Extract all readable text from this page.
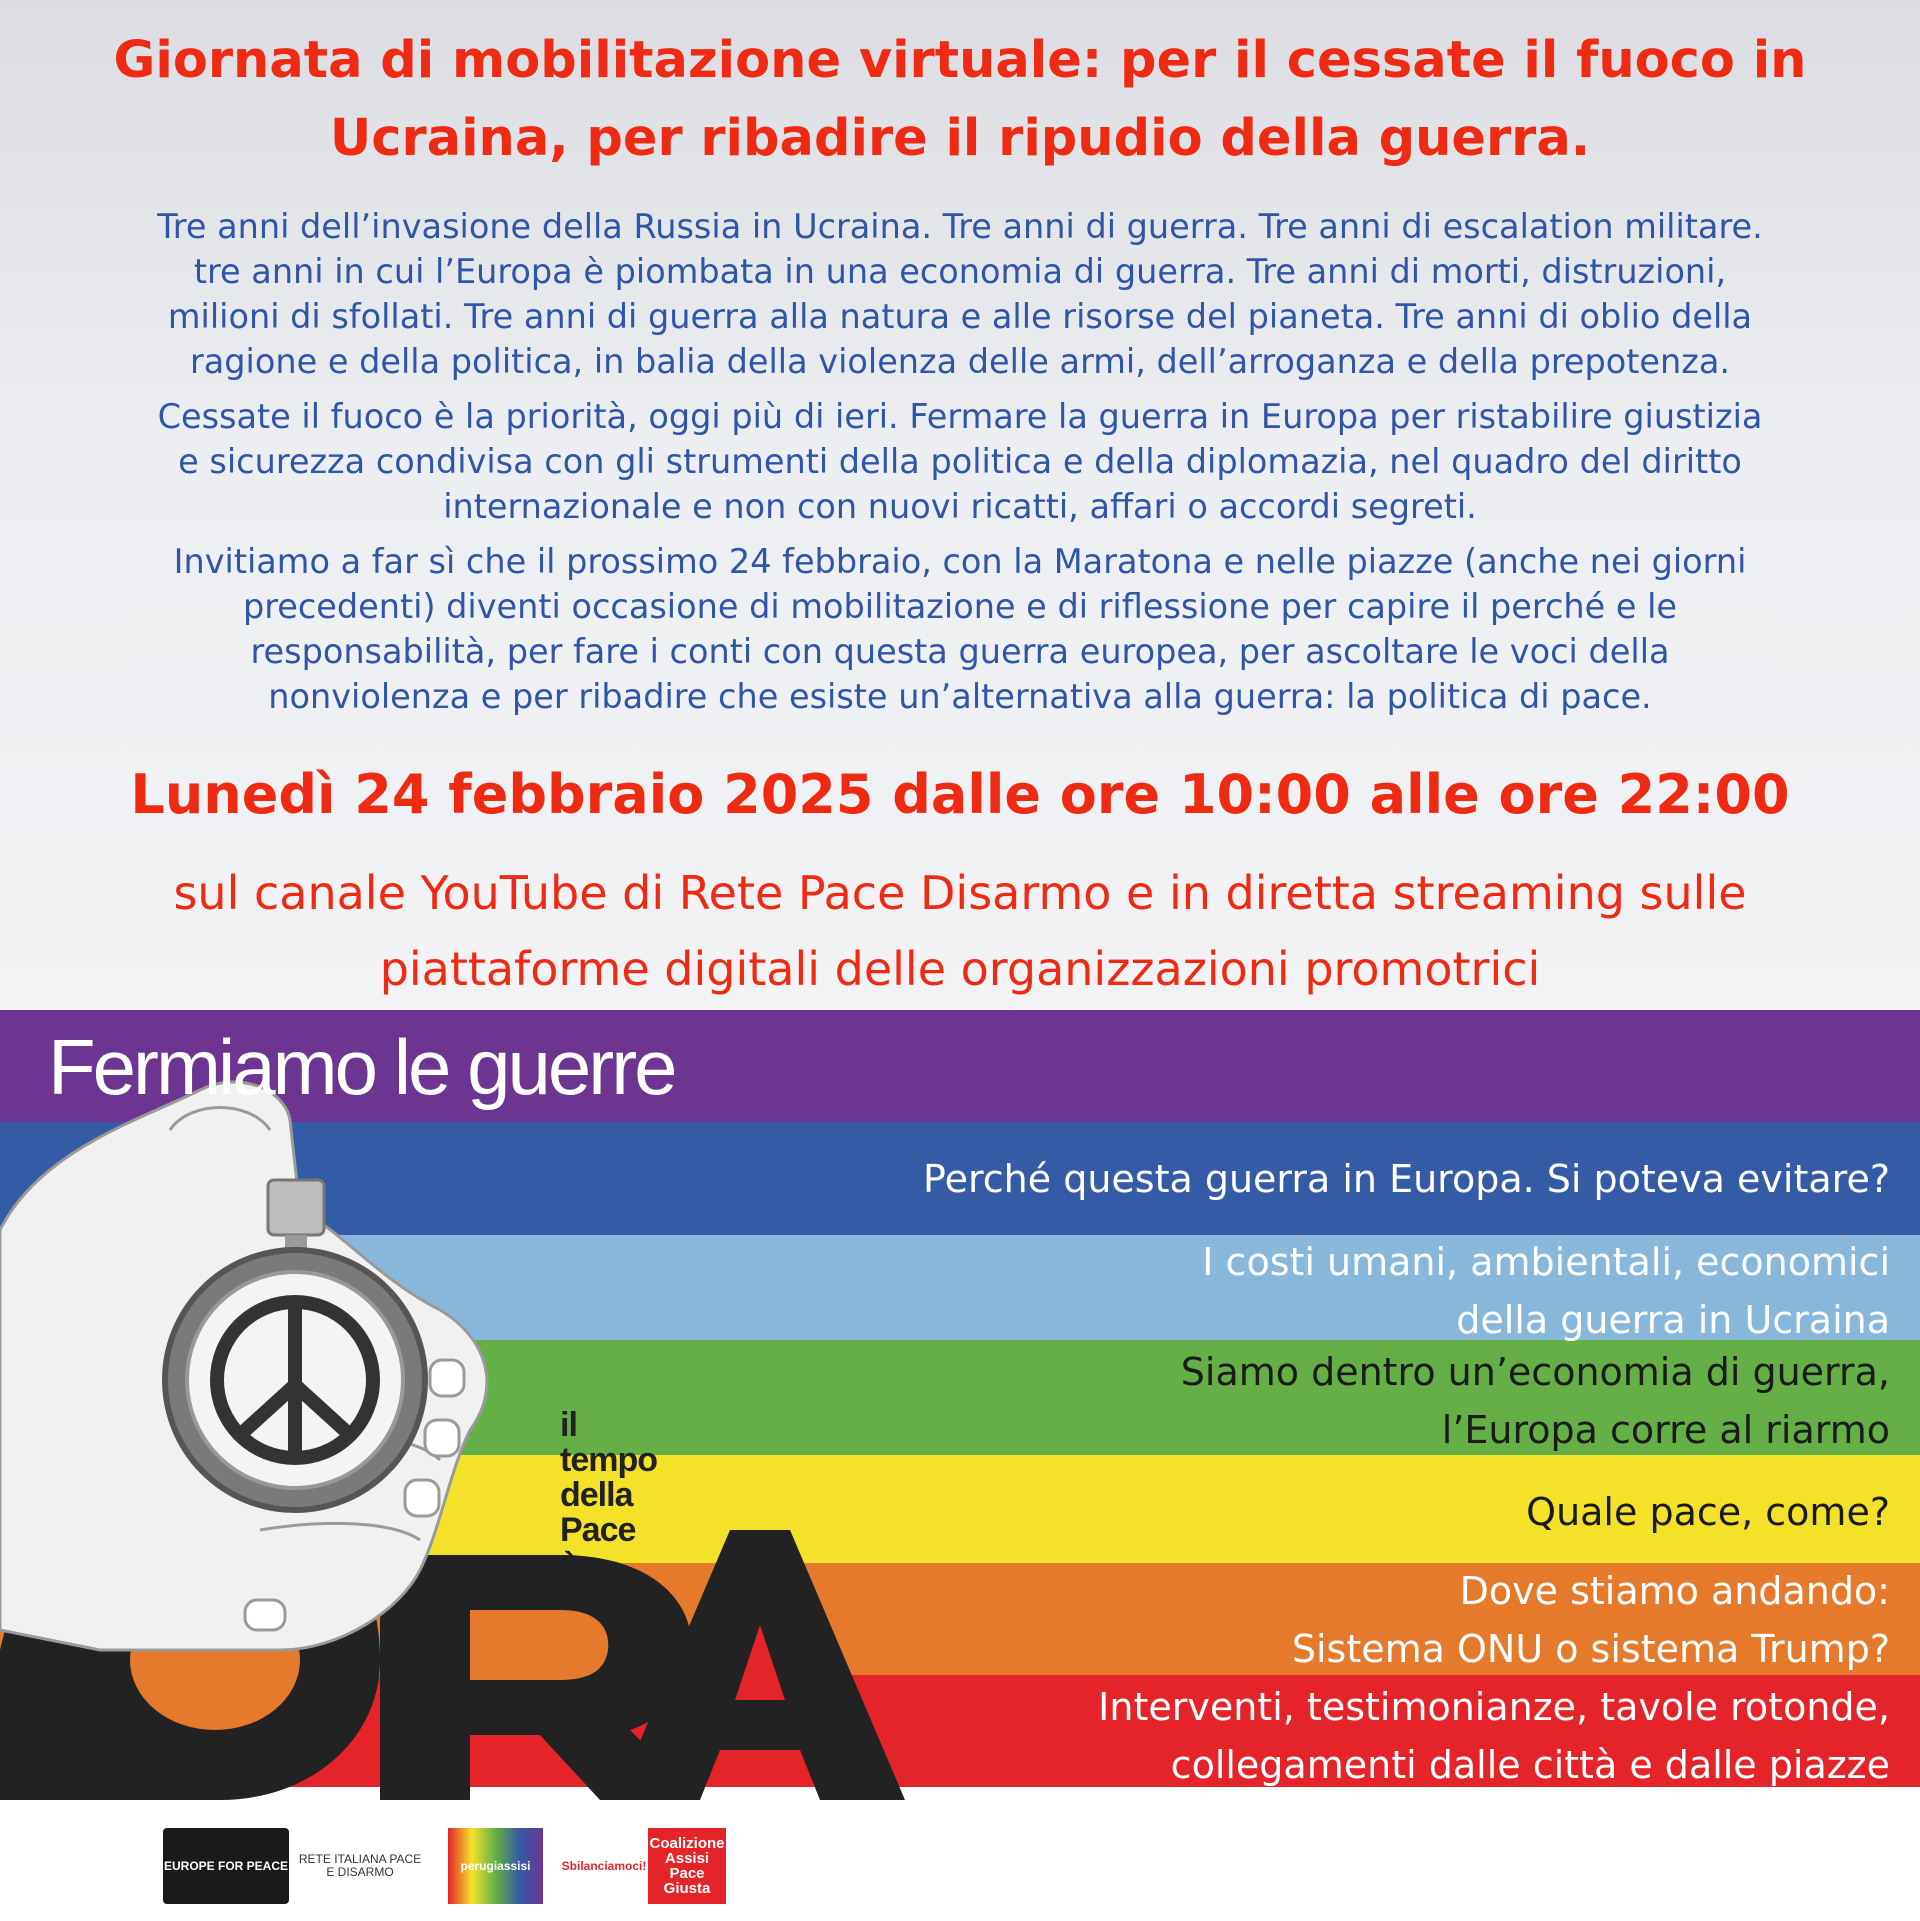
Giornata di mobilitazione virtuale: per il cessate il fuoco in
Ucraina, per ribadire il ripudio della guerra.

Tre anni dell’invasione della Russia in Ucraina. Tre anni di guerra. Tre anni di escalation militare.
tre anni in cui l’Europa è piombata in una economia di guerra. Tre anni di morti, distruzioni,
milioni di sfollati. Tre anni di guerra alla natura e alle risorse del pianeta. Tre anni di oblio della
ragione e della politica, in balia della violenza delle armi, dell’arroganza e della prepotenza.

Cessate il fuoco è la priorità, oggi più di ieri. Fermare la guerra in Europa per ristabilire giustizia
e sicurezza condivisa con gli strumenti della politica e della diplomazia, nel quadro del diritto
internazionale e non con nuovi ricatti, affari o accordi segreti.

Invitiamo a far sì che il prossimo 24 febbraio, con la Maratona e nelle piazze (anche nei giorni
precedenti) diventi occasione di mobilitazione e di riflessione per capire il perché e le
responsabilità, per fare i conti con questa guerra europea, per ascoltare le voci della
nonviolenza e per ribadire che esiste un’alternativa alla guerra: la politica di pace.

Lunedì 24 febbraio 2025 dalle ore 10:00 alle ore 22:00

sul canale YouTube di Rete Pace Disarmo e in diretta streaming sulle
piattaforme digitali delle organizzazioni promotrici

Fermiamo le guerre

il
tempo
della
Pace
è

Perché questa guerra in Europa. Si poteva evitare?
I costi umani, ambientali, economici
della guerra in Ucraina
Siamo dentro un’economia di guerra,
l’Europa corre al riarmo
Quale pace, come?
Dove stiamo andando:
Sistema ONU o sistema Trump?
Interventi, testimonianze, tavole rotonde,
collegamenti dalle città e dalle piazze
EUROPE FOR PEACE RETE ITALIANA PACE E DISARMO	perugiassisi	Sbilanciamoci!
Coalizione Assisi Pace Giusta
